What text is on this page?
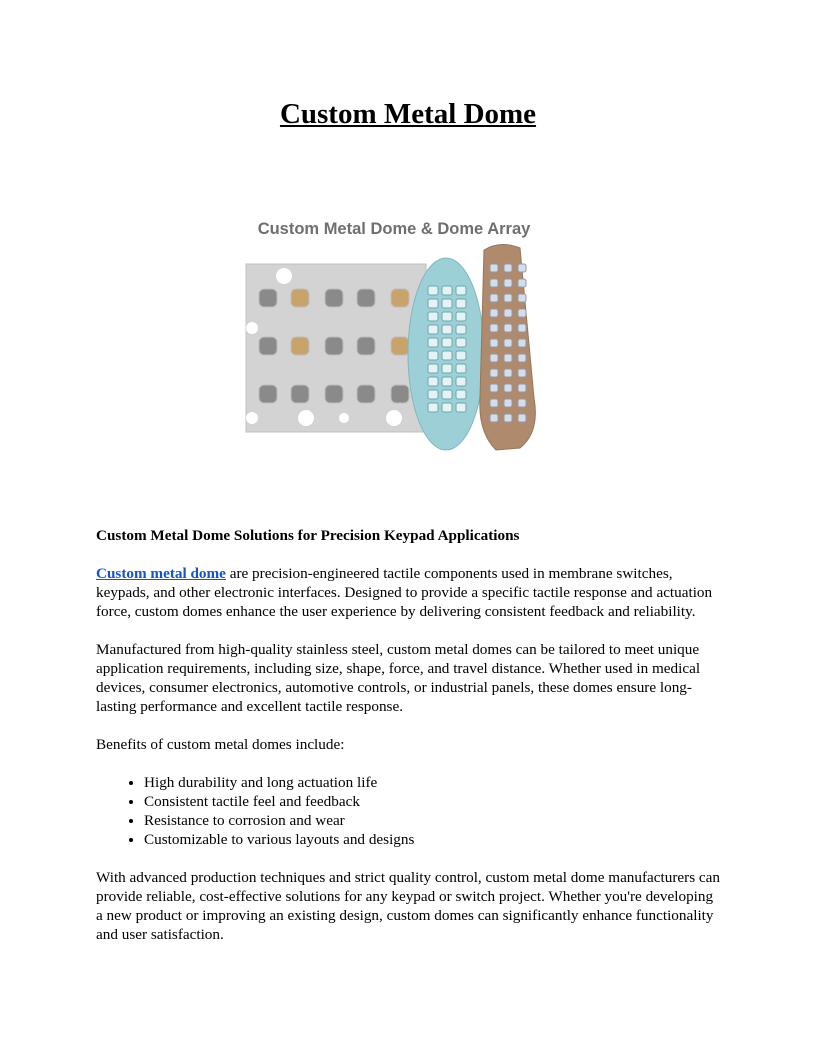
Custom Metal Dome
Custom Metal Dome & Dome Array

Custom Metal Dome Solutions for Precision Keypad Applications

Custom metal dome are precision-engineered tactile components used in membrane switches, keypads, and other electronic interfaces. Designed to provide a specific tactile response and actuation force, custom domes enhance the user experience by delivering consistent feedback and reliability.

Manufactured from high-quality stainless steel, custom metal domes can be tailored to meet unique application requirements, including size, shape, force, and travel distance. Whether used in medical devices, consumer electronics, automotive controls, or industrial panels, these domes ensure long-lasting performance and excellent tactile response.

Benefits of custom metal domes include:

• High durability and long actuation life
• Consistent tactile feel and feedback
• Resistance to corrosion and wear
• Customizable to various layouts and designs

With advanced production techniques and strict quality control, custom metal dome manufacturers can provide reliable, cost-effective solutions for any keypad or switch project. Whether you're developing a new product or improving an existing design, custom domes can significantly enhance functionality and user satisfaction.
